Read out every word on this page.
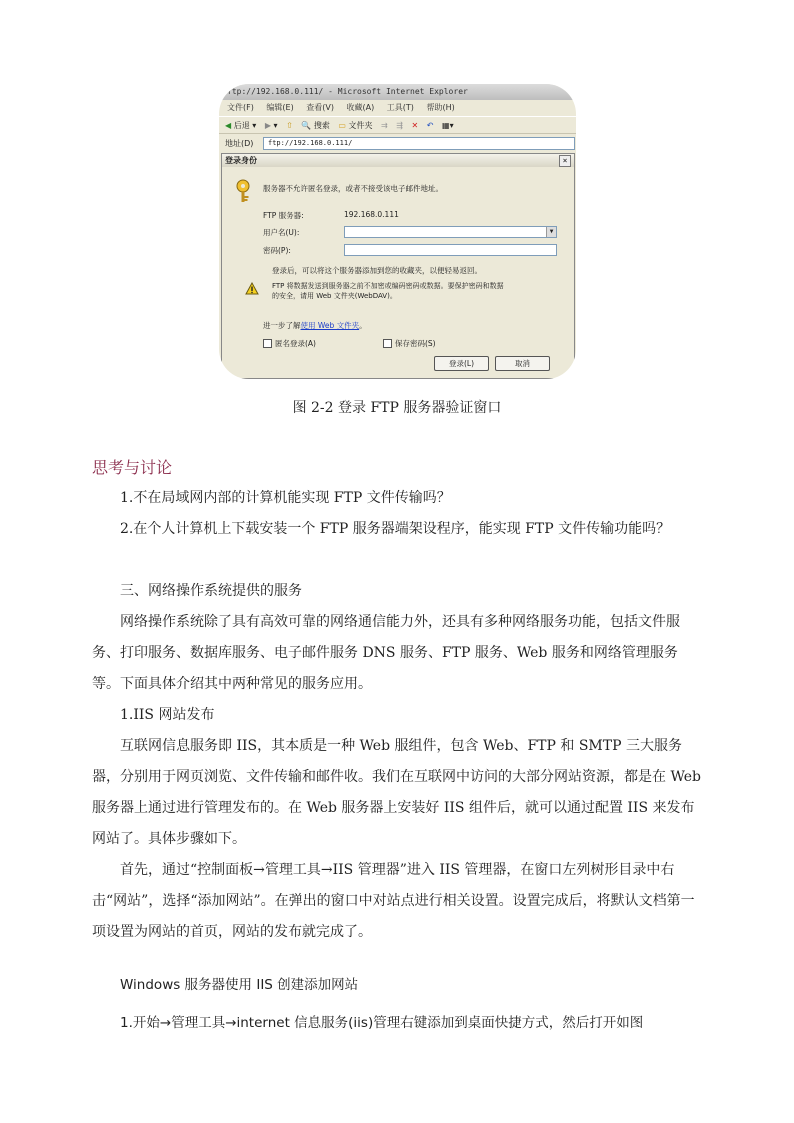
ftp://192.168.0.111/ - Microsoft Internet Explorer
文件(F) 编辑(E) 查看(V) 收藏(A) 工具(T) 帮助(H)
◀ 后退 ▾ ▶ ▾ ⇧ 🔍 搜索 ▭ 文件夹 ⇉ ⇶ ✕ ↶ ▦▾
地址(D)	ftp://192.168.0.111/
登录身份	×
服务器不允许匿名登录，或者不接受该电子邮件地址。
FTP 服务器:	192.168.0.111
用户名(U):	▼
密码(P):
登录后，可以将这个服务器添加到您的收藏夹，以便轻易返回。
FTP 将数据发送到服务器之前不加密或编码密码或数据。要保护密码和数据
的安全，请用 Web 文件夹(WebDAV)。
进一步了解使用 Web 文件夹。
匿名登录(A)	保存密码(S)
登录(L)	取消
图 2-2 登录 FTP 服务器验证窗口
思考与讨论
1.不在局域网内部的计算机能实现 FTP 文件传输吗？
2.在个人计算机上下载安装一个 FTP 服务器端架设程序，能实现 FTP 文件传输功能吗？
三、网络操作系统提供的服务
网络操作系统除了具有高效可靠的网络通信能力外，还具有多种网络服务功能，包括文件服务、打印服务、数据库服务、电子邮件服务 DNS 服务、FTP 服务、Web 服务和网络管理服务等。下面具体介绍其中两种常见的服务应用。
1.IIS 网站发布
互联网信息服务即 IIS，其本质是一种 Web 服组件，包含 Web、FTP 和 SMTP 三大服务器，分别用于网页浏览、文件传输和邮件收。我们在互联网中访问的大部分网站资源，都是在 Web 服务器上通过进行管理发布的。在 Web 服务器上安装好 IIS 组件后，就可以通过配置 IIS 来发布网站了。具体步骤如下。
首先，通过“控制面板→管理工具→IIS 管理器”进入 IIS 管理器，在窗口左列树形目录中右击“网站”，选择“添加网站”。在弹出的窗口中对站点进行相关设置。设置完成后，将默认文档第一项设置为网站的首页，网站的发布就完成了。
Windows 服务器使用 IIS 创建添加网站
1.开始→管理工具→internet 信息服务(iis)管理右键添加到桌面快捷方式，然后打开如图
